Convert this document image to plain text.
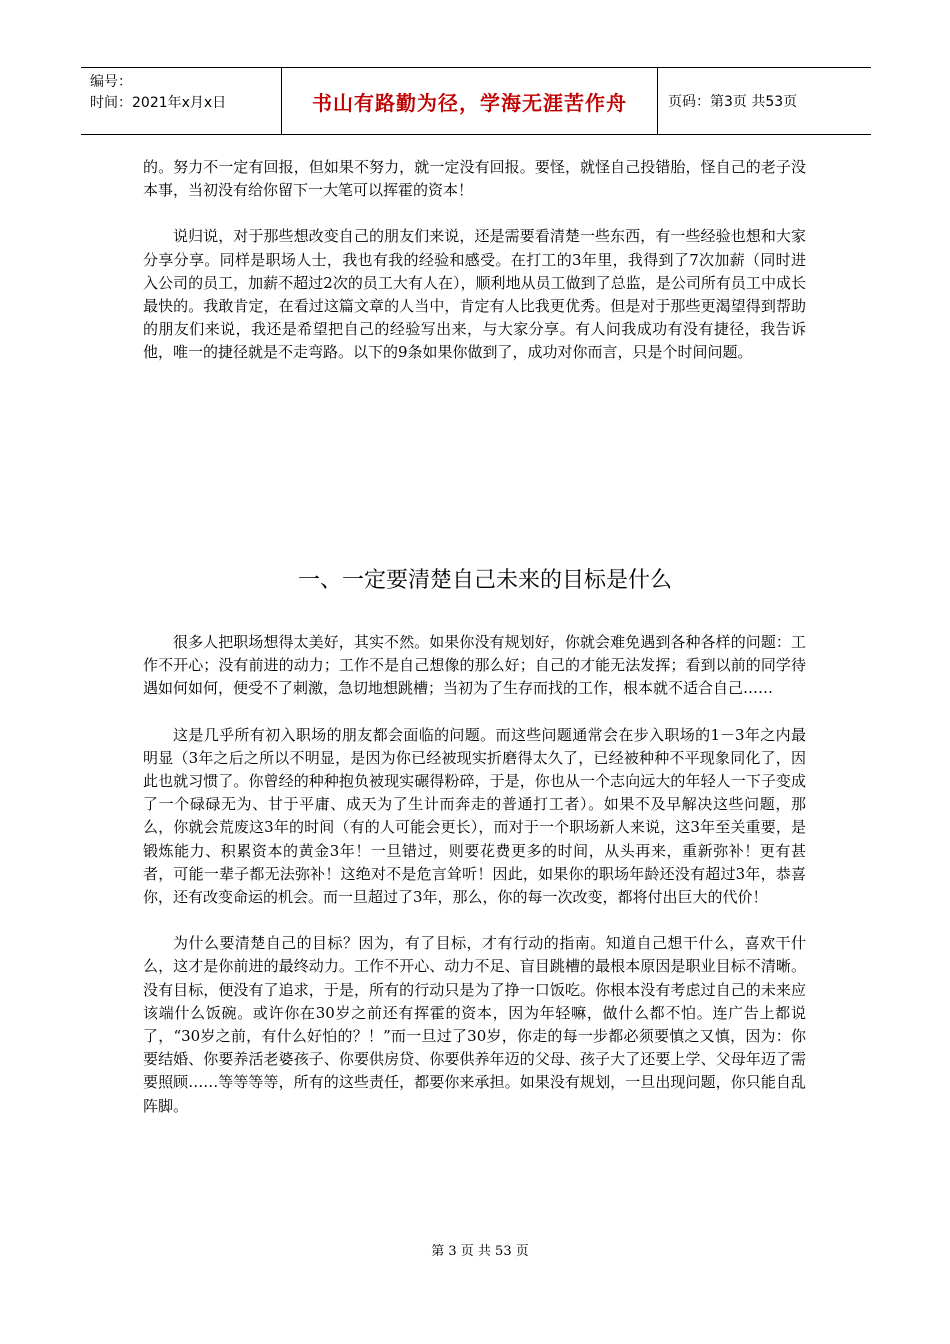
编号：
时间：2021年x月x日	书山有路勤为径，学海无涯苦作舟	页码：第3页 共53页

的。努力不一定有回报，但如果不努力，就一定没有回报。要怪，就怪自己投错胎，怪自己的老子没本事，当初没有给你留下一大笔可以挥霍的资本！

说归说，对于那些想改变自己的朋友们来说，还是需要看清楚一些东西，有一些经验也想和大家分享分享。同样是职场人士，我也有我的经验和感受。在打工的3年里，我得到了7次加薪（同时进入公司的员工，加薪不超过2次的员工大有人在），顺利地从员工做到了总监，是公司所有员工中成长最快的。我敢肯定，在看过这篇文章的人当中，肯定有人比我更优秀。但是对于那些更渴望得到帮助的朋友们来说，我还是希望把自己的经验写出来，与大家分享。有人问我成功有没有捷径，我告诉他，唯一的捷径就是不走弯路。以下的9条如果你做到了，成功对你而言，只是个时间问题。

一、一定要清楚自己未来的目标是什么

很多人把职场想得太美好，其实不然。如果你没有规划好，你就会难免遇到各种各样的问题：工作不开心；没有前进的动力；工作不是自己想像的那么好；自己的才能无法发挥；看到以前的同学待遇如何如何，便受不了刺激，急切地想跳槽；当初为了生存而找的工作，根本就不适合自己……

这是几乎所有初入职场的朋友都会面临的问题。而这些问题通常会在步入职场的1－3年之内最明显（3年之后之所以不明显，是因为你已经被现实折磨得太久了，已经被种种不平现象同化了，因此也就习惯了。你曾经的种种抱负被现实碾得粉碎，于是，你也从一个志向远大的年轻人一下子变成了一个碌碌无为、甘于平庸、成天为了生计而奔走的普通打工者）。如果不及早解决这些问题，那么，你就会荒废这3年的时间（有的人可能会更长），而对于一个职场新人来说，这3年至关重要，是锻炼能力、积累资本的黄金3年！一旦错过，则要花费更多的时间，从头再来，重新弥补！更有甚者，可能一辈子都无法弥补！这绝对不是危言耸听！因此，如果你的职场年龄还没有超过3年，恭喜你，还有改变命运的机会。而一旦超过了3年，那么，你的每一次改变，都将付出巨大的代价！

为什么要清楚自己的目标？因为，有了目标，才有行动的指南。知道自己想干什么，喜欢干什么，这才是你前进的最终动力。工作不开心、动力不足、盲目跳槽的最根本原因是职业目标不清晰。没有目标，便没有了追求，于是，所有的行动只是为了挣一口饭吃。你根本没有考虑过自己的未来应该端什么饭碗。或许你在30岁之前还有挥霍的资本，因为年轻嘛，做什么都不怕。连广告上都说了，“30岁之前，有什么好怕的？！”而一旦过了30岁，你走的每一步都必须要慎之又慎，因为：你要结婚、你要养活老婆孩子、你要供房贷、你要供养年迈的父母、孩子大了还要上学、父母年迈了需要照顾……等等等等，所有的这些责任，都要你来承担。如果没有规划，一旦出现问题，你只能自乱阵脚。

第 3 页 共 53 页
